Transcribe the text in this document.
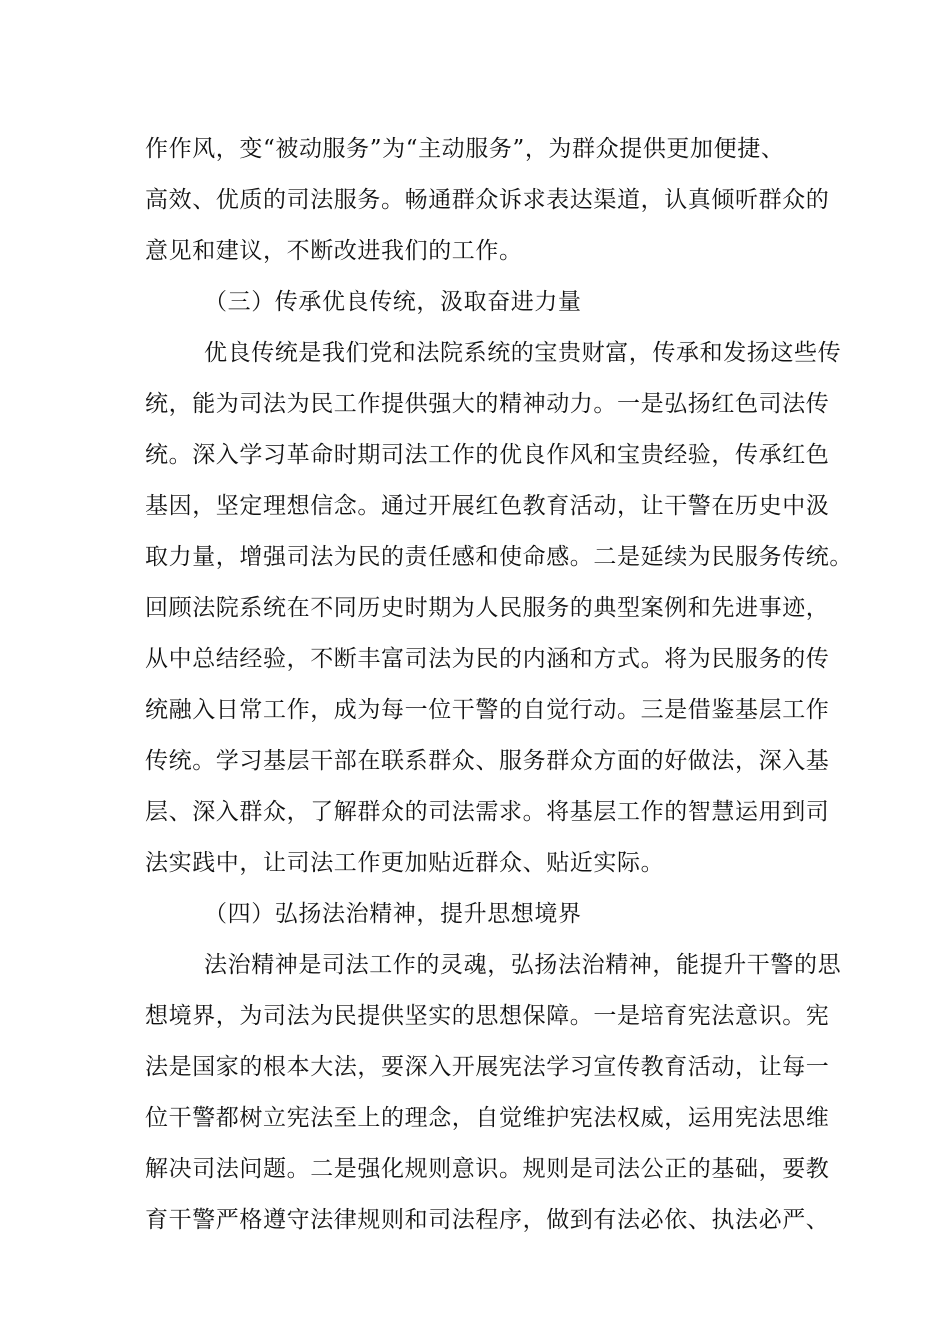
作作风，变“被动服务”为“主动服务”，为群众提供更加便捷、
高效、优质的司法服务。畅通群众诉求表达渠道，认真倾听群众的
意见和建议，不断改进我们的工作。
（三）传承优良传统，汲取奋进力量
优良传统是我们党和法院系统的宝贵财富，传承和发扬这些传
统，能为司法为民工作提供强大的精神动力。一是弘扬红色司法传
统。深入学习革命时期司法工作的优良作风和宝贵经验，传承红色
基因，坚定理想信念。通过开展红色教育活动，让干警在历史中汲
取力量，增强司法为民的责任感和使命感。二是延续为民服务传统。
回顾法院系统在不同历史时期为人民服务的典型案例和先进事迹，
从中总结经验，不断丰富司法为民的内涵和方式。将为民服务的传
统融入日常工作，成为每一位干警的自觉行动。三是借鉴基层工作
传统。学习基层干部在联系群众、服务群众方面的好做法，深入基
层、深入群众，了解群众的司法需求。将基层工作的智慧运用到司
法实践中，让司法工作更加贴近群众、贴近实际。
（四）弘扬法治精神，提升思想境界
法治精神是司法工作的灵魂，弘扬法治精神，能提升干警的思
想境界，为司法为民提供坚实的思想保障。一是培育宪法意识。宪
法是国家的根本大法，要深入开展宪法学习宣传教育活动，让每一
位干警都树立宪法至上的理念，自觉维护宪法权威，运用宪法思维
解决司法问题。二是强化规则意识。规则是司法公正的基础，要教
育干警严格遵守法律规则和司法程序，做到有法必依、执法必严、
